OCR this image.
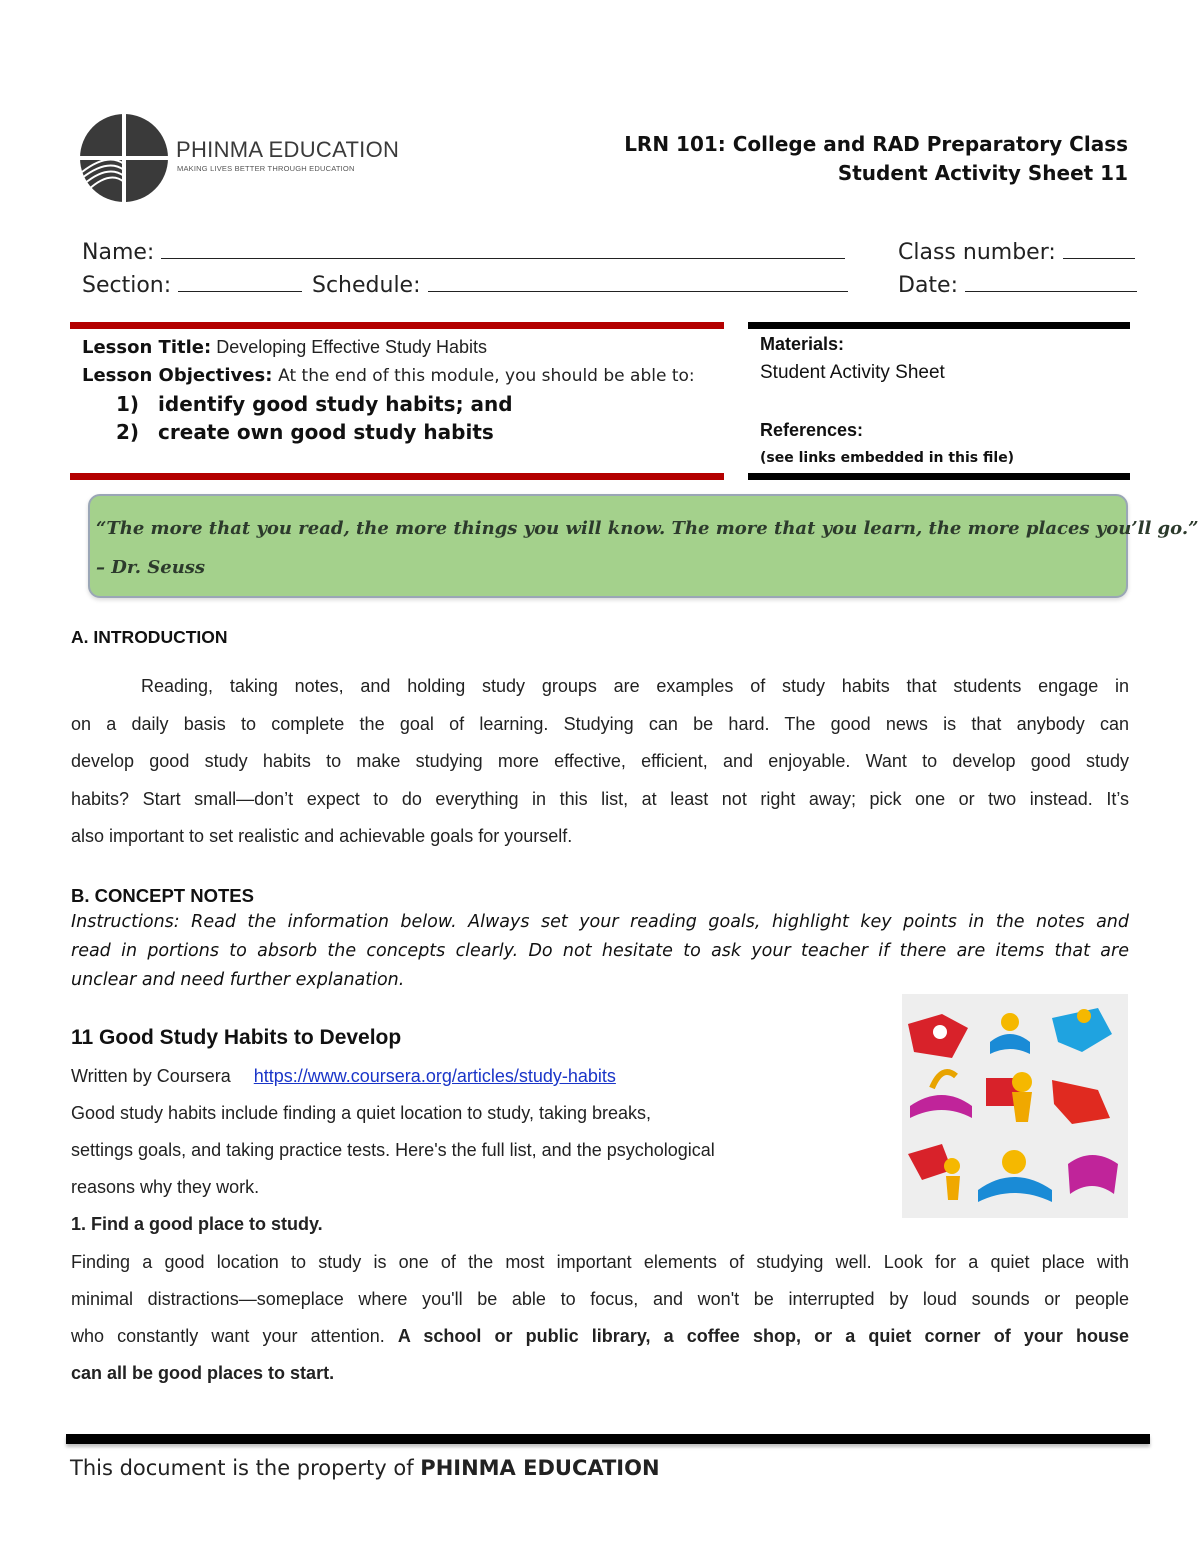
PHINMA EDUCATION
MAKING LIVES BETTER THROUGH EDUCATION
LRN 101: College and RAD Preparatory Class
Student Activity Sheet 11
Name:	Class number:
Section:	Schedule:	Date:
Lesson Title: Developing Effective Study Habits
Lesson Objectives: At the end of this module, you should be able to:
1) identify good study habits; and
2) create own good study habits
Materials:
Student Activity Sheet
References:
(see links embedded in this file)
“The more that you read, the more things you will know. The more that you learn, the more places you’ll go.”
– Dr. Seuss
A. INTRODUCTION
Reading, taking notes, and holding study groups are examples of study habits that students engage in
on a daily basis to complete the goal of learning. Studying can be hard. The good news is that anybody can
develop good study habits to make studying more effective, efficient, and enjoyable. Want to develop good study
habits? Start small—don’t expect to do everything in this list, at least not right away; pick one or two instead. It’s
also important to set realistic and achievable goals for yourself.
B. CONCEPT NOTES
Instructions: Read the information below. Always set your reading goals, highlight key points in the notes and
read in portions to absorb the concepts clearly. Do not hesitate to ask your teacher if there are items that are
unclear and need further explanation.
11 Good Study Habits to Develop
Written by Coursera https://www.coursera.org/articles/study-habits
Good study habits include finding a quiet location to study, taking breaks,
settings goals, and taking practice tests. Here's the full list, and the psychological
reasons why they work.
1. Find a good place to study.
Finding a good location to study is one of the most important elements of studying well. Look for a quiet place with
minimal distractions—someplace where you'll be able to focus, and won't be interrupted by loud sounds or people
who constantly want your attention. A school or public library, a coffee shop, or a quiet corner of your house
can all be good places to start.
This document is the property of PHINMA EDUCATION
